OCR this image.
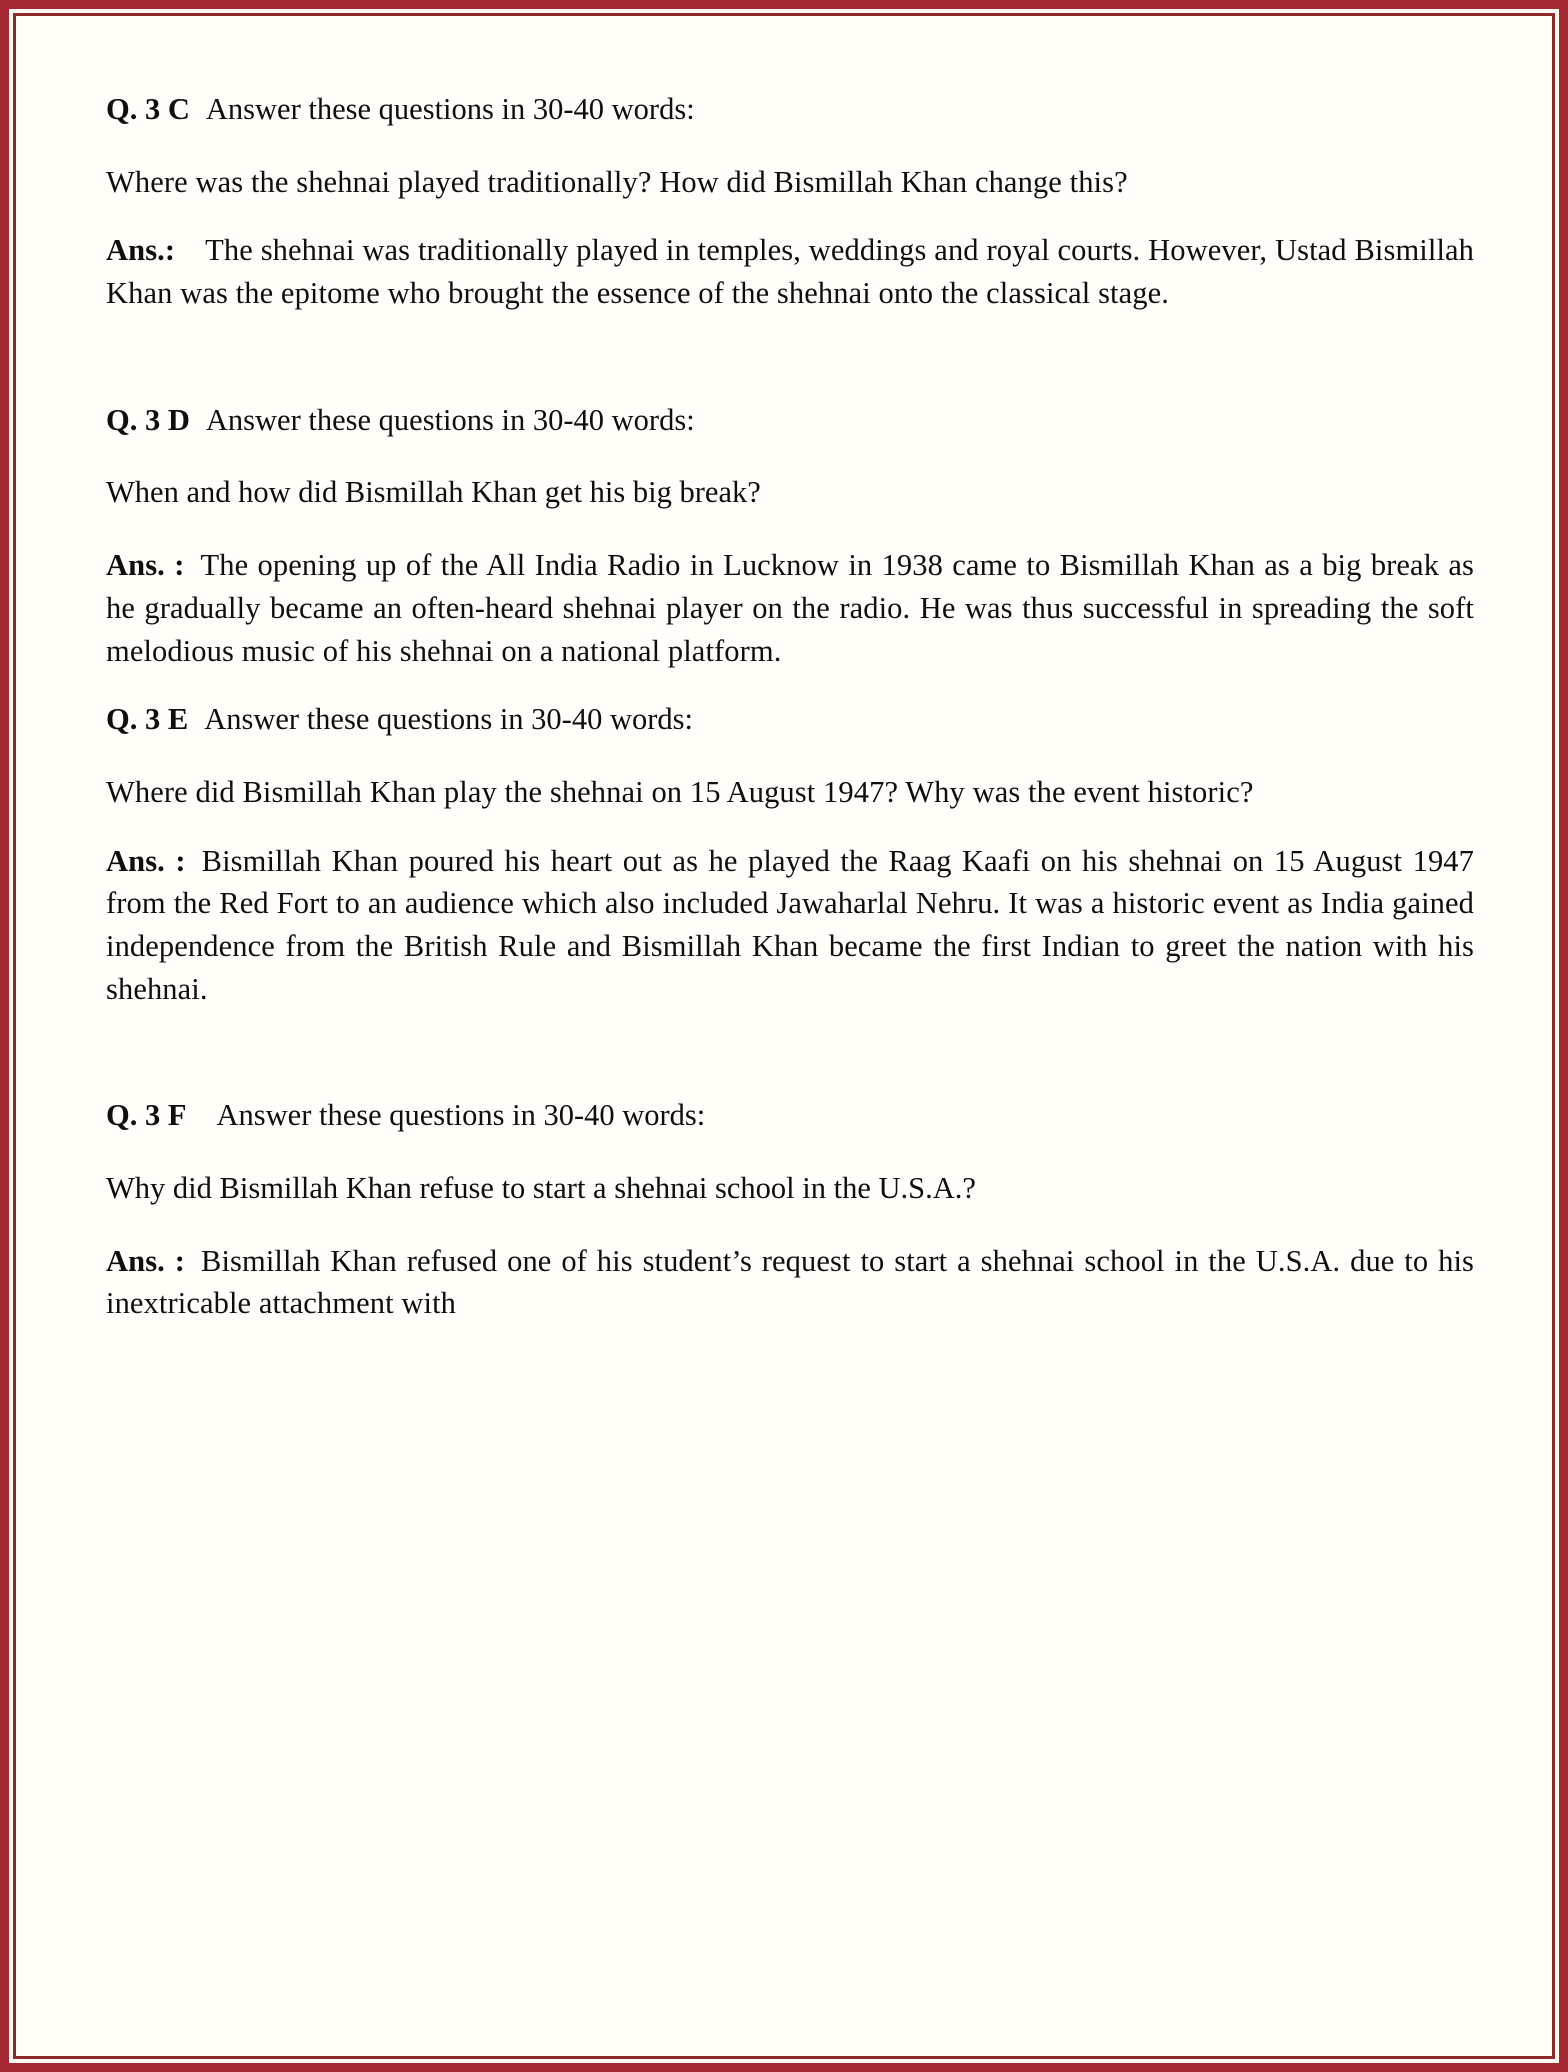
Q. 3 C Answer these questions in 30-40 words:

Where was the shehnai played traditionally? How did Bismillah Khan change this?

Ans.: The shehnai was traditionally played in temples, weddings and royal courts. However, Ustad Bismillah Khan was the epitome who brought the essence of the shehnai onto the classical stage.

Q. 3 D Answer these questions in 30-40 words:

When and how did Bismillah Khan get his big break?

Ans. : The opening up of the All India Radio in Lucknow in 1938 came to Bismillah Khan as a big break as he gradually became an often-heard shehnai player on the radio. He was thus successful in spreading the soft melodious music of his shehnai on a national platform.

Q. 3 E Answer these questions in 30-40 words:

Where did Bismillah Khan play the shehnai on 15 August 1947? Why was the event historic?

Ans. : Bismillah Khan poured his heart out as he played the Raag Kaafi on his shehnai on 15 August 1947 from the Red Fort to an audience which also included Jawaharlal Nehru. It was a historic event as India gained independence from the British Rule and Bismillah Khan became the first Indian to greet the nation with his shehnai.

Q. 3 F Answer these questions in 30-40 words:

Why did Bismillah Khan refuse to start a shehnai school in the U.S.A.?

Ans. : Bismillah Khan refused one of his student’s request to start a shehnai school in the U.S.A. due to his inextricable attachment with
